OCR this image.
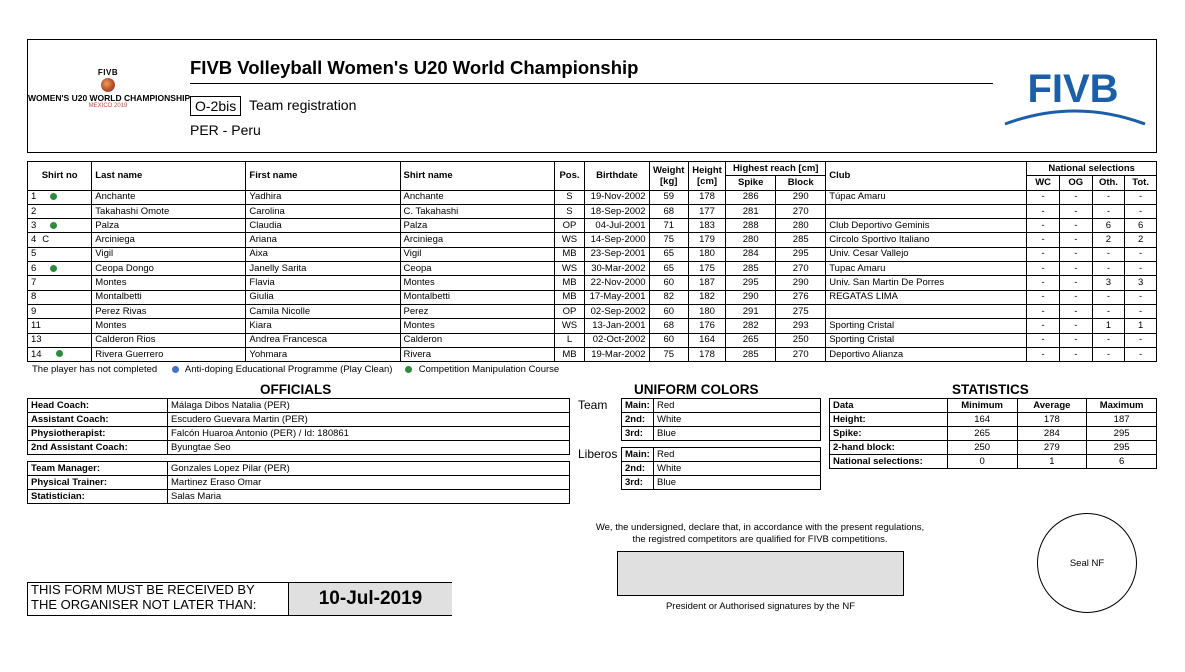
FIVB
WOMEN'S U20 WORLD CHAMPIONSHIP
MEXICO 2019
FIVB Volleyball Women's U20 World Championship
O-2bis Team registration
PER - Peru
FIVB
Shirt no	Last name	First name	Shirt name	Pos.	Birthdate	Weight [kg]	Height [cm]	Highest reach [cm]		Club	National selections			
								Spike	Block		WC	OG	Oth.	Tot.
1	Anchante	Yadhira	Anchante	S	19-Nov-2002	59	178	286	290	Túpac Amaru	-	-	-	-
2	Takahashi Omote	Carolina	C. Takahashi	S	18-Sep-2002	68	177	281	270		-	-	-	-
3	Palza	Claudia	Palza	OP	04-Jul-2001	71	183	288	280	Club Deportivo Geminis	-	-	6	6
4 C	Arciniega	Ariana	Arciniega	WS	14-Sep-2000	75	179	280	285	Circolo Sportivo Italiano	-	-	2	2
5	Vigil	Aixa	Vigil	MB	23-Sep-2001	65	180	284	295	Univ. Cesar Vallejo	-	-	-	-
6	Ceopa Dongo	Janelly Sarita	Ceopa	WS	30-Mar-2002	65	175	285	270	Tupac Amaru	-	-	-	-
7	Montes	Flavia	Montes	MB	22-Nov-2000	60	187	295	290	Univ. San Martin De Porres	-	-	3	3
8	Montalbetti	Giulia	Montalbetti	MB	17-May-2001	82	182	290	276	REGATAS LIMA	-	-	-	-
9	Perez Rivas	Camila Nicolle	Perez	OP	02-Sep-2002	60	180	291	275		-	-	-	-
11	Montes	Kiara	Montes	WS	13-Jan-2001	68	176	282	293	Sporting Cristal	-	-	1	1
13	Calderon Rios	Andrea Francesca	Calderon	L	02-Oct-2002	60	164	265	250	Sporting Cristal	-	-	-	-
14	Rivera Guerrero	Yohmara	Rivera	MB	19-Mar-2002	75	178	285	270	Deportivo Alianza	-	-	-	-
The player has not completed	Anti-doping Educational Programme (Play Clean)	Competition Manipulation Course
OFFICIALS
Head Coach:	Málaga Dibos Natalia (PER)
Assistant Coach:	Escudero Guevara Martin (PER)
Physiotherapist:	Falcón Huaroa Antonio (PER) / Id: 180861
2nd Assistant Coach:	Byungtae Seo
Team Manager:	Gonzales Lopez Pilar (PER)
Physical Trainer:	Martinez Eraso Omar
Statistician:	Salas Maria
UNIFORM COLORS
Team Main:	Red
2nd:	White
3rd:	Blue
Liberos Main:	Red
2nd:	White
3rd:	Blue
STATISTICS
Data	Minimum	Average	Maximum
Height:	164	178	187
Spike:	265	284	295
2-hand block:	250	279	295
National selections:	0	1	6
THIS FORM MUST BE RECEIVED BY THE ORGANISER NOT LATER THAN:	10-Jul-2019
We, the undersigned, declare that, in accordance with the present regulations,
the registred competitors are qualified for FIVB competitions.
President or Authorised signatures by the NF
Seal NF
